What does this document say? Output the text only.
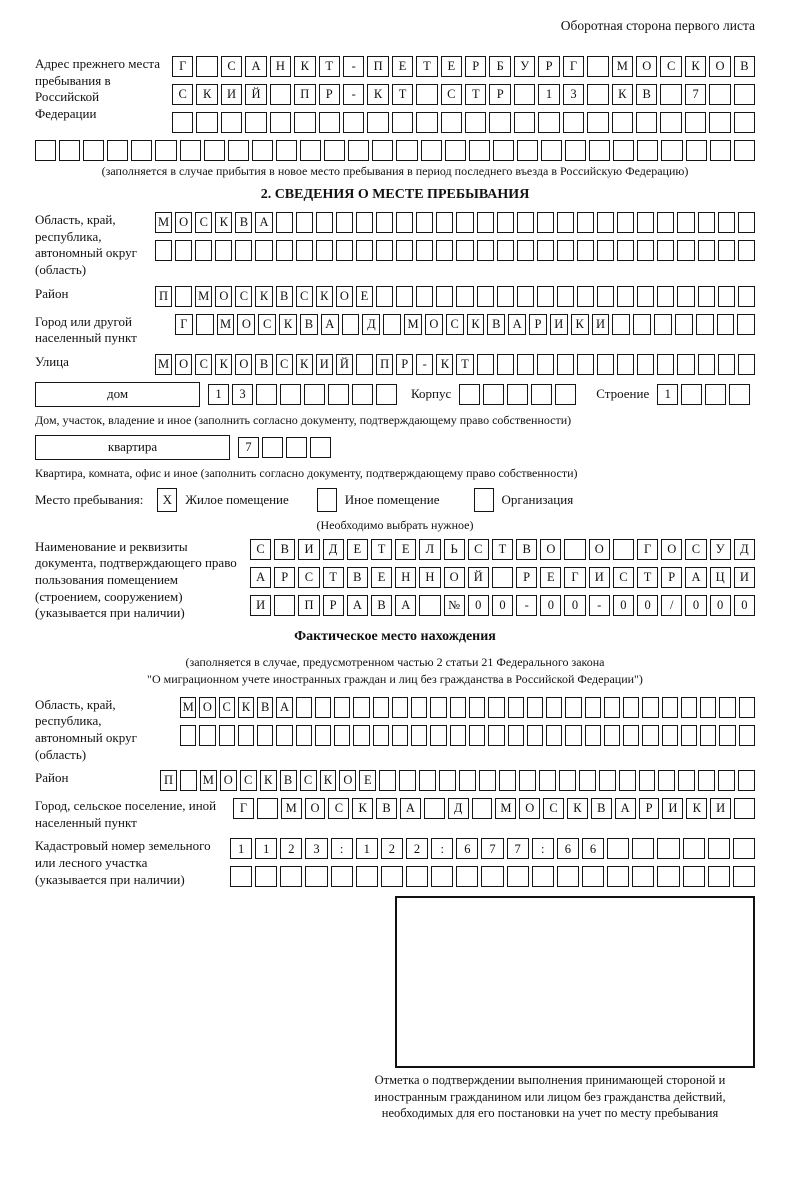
Оборотная сторона первого листа
Адрес прежнего места пребывания в Российской Федерации
Г	С	А	Н	К	Т	-	П	Е	Т	Е	Р	Б	У	Р	Г	М	О	С	К	О	В
С	К	И	Й	П	Р	-	К	Т	С	Т	Р	1	3	К	В	7
(заполняется в случае прибытия в новое место пребывания в период последнего въезда в Российскую Федерацию)
2. СВЕДЕНИЯ О МЕСТЕ ПРЕБЫВАНИЯ
Область, край, республика, автономный округ (область)
М О С К В А
Район	П	М О С К В С К О Е
Город или другой населенный пункт
Г	М О С К В А	Д	М О С К В А	Р	И К И
Улица	М О С К О В С К И Й	П Р	-	К Т
дом	1	3	Корпус	Строение	1
Дом, участок, владение и иное (заполнить согласно документу, подтверждающему право собственности)
квартира	7
Квартира, комната, офис и иное (заполнить согласно документу, подтверждающему право собственности)
Место пребывания:	X	Жилое помещение	Иное помещение	Организация
(Необходимо выбрать нужное)
Наименование и реквизиты документа, подтверждающего право пользования помещением (строением, сооружением) (указывается при наличии)
С	В	И	Д	Е	Т	Е	Л	Ь	С	Т	В	О	О	Г	О	С	У	Д
А	Р	С	Т	В	Е	Н	Н	О	Й	Р	Е	Г	И	С	Т	Р	А	Ц	И
И	П	Р	А	В	А	№	0	0	-	0	0	-	0	0	/	0	0	0
Фактическое место нахождения
(заполняется в случае, предусмотренном частью 2 статьи 21 Федерального закона
"О миграционном учете иностранных граждан и лиц без гражданства в Российской Федерации")
Область, край, республика, автономный округ (область)
М О С К В А
Район	П	М О С К В С К О Е
Город, сельское поселение, иной населенный пункт
Г	М	О	С	К	В	А	Д	М	О	С	К	В	А	Р	И	К	И
Кадастровый номер земельного или лесного участка (указывается при наличии)
1	1	2	3	:	1	2	2	:	6	7	7	:	6	6
Отметка о подтверждении выполнения принимающей стороной и иностранным гражданином или лицом без гражданства действий, необходимых для его постановки на учет по месту пребывания
